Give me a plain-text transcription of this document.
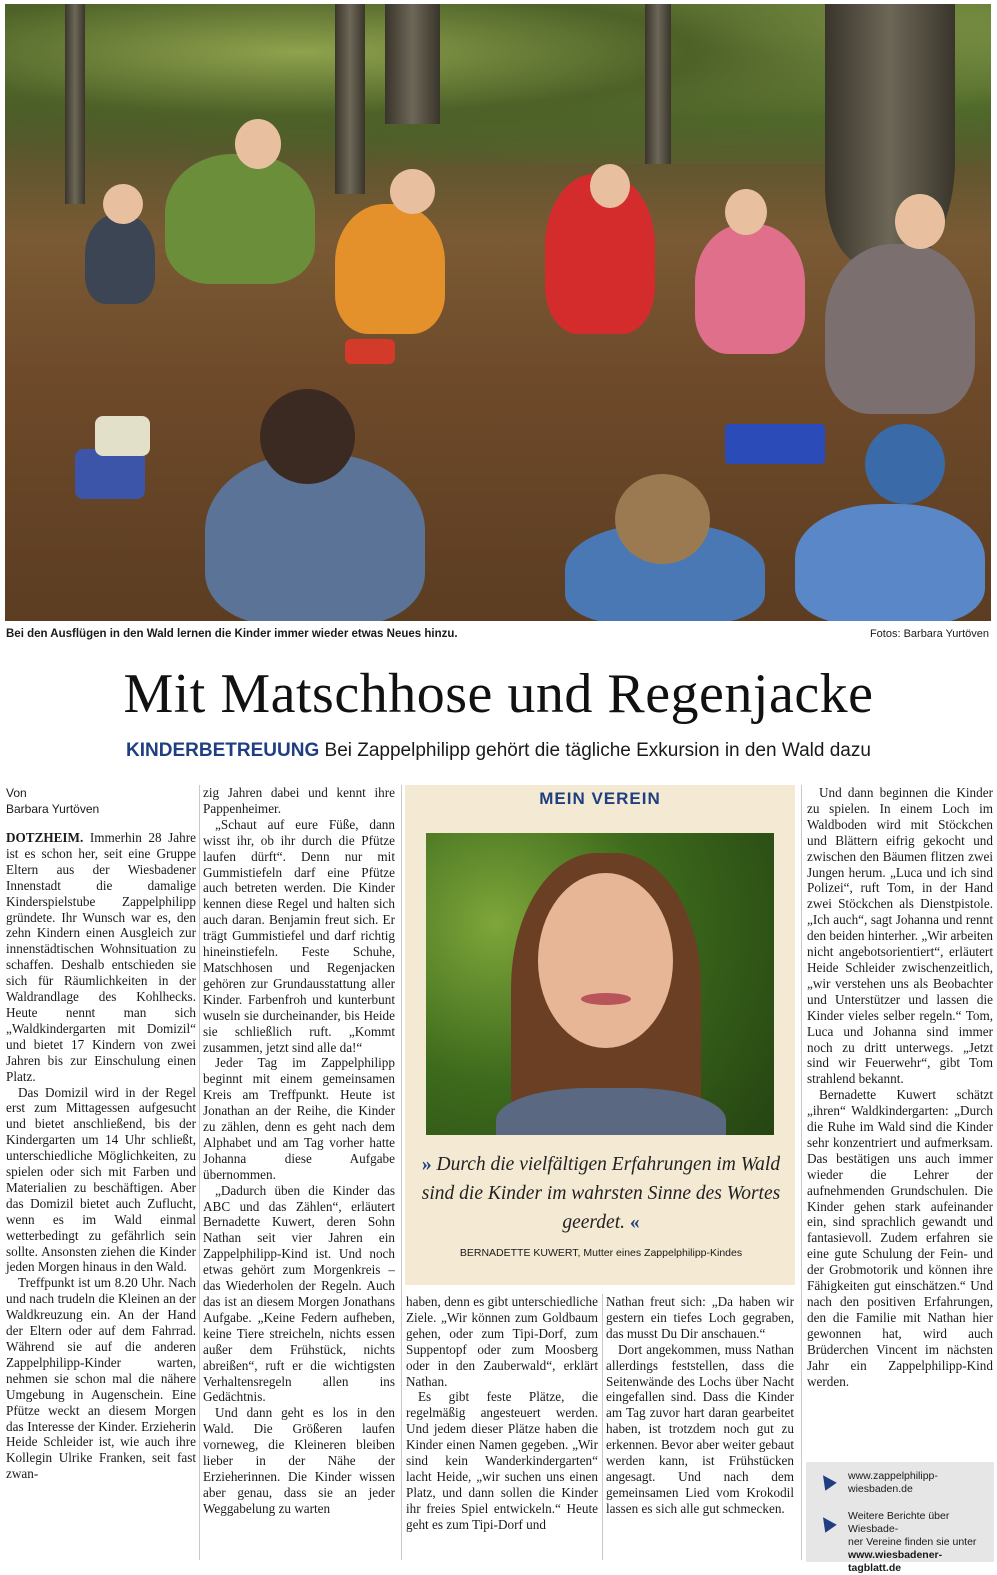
Bei den Ausflügen in den Wald lernen die Kinder immer wieder etwas Neues hinzu.	Fotos: Barbara Yurtöven
Mit Matschhose und Regenjacke
KINDERBETREUUNG Bei Zappelphilipp gehört die tägliche Exkursion in den Wald dazu
Von
Barbara Yurtöven

DOTZHEIM. Immerhin 28 Jahre ist es schon her, seit eine Gruppe Eltern aus der Wiesbadener Innenstadt die damalige Kinderspielstube Zappelphilipp gründete. Ihr Wunsch war es, den zehn Kindern einen Ausgleich zur innenstädtischen Wohnsituation zu schaffen. Deshalb entschieden sie sich für Räumlichkeiten in der Waldrandlage des Kohlhecks. Heute nennt man sich „Waldkindergarten mit Domizil“ und bietet 17 Kindern von zwei Jahren bis zur Einschulung einen Platz.

Das Domizil wird in der Regel erst zum Mittagessen aufgesucht und bietet anschließend, bis der Kindergarten um 14 Uhr schließt, unterschiedliche Möglichkeiten, zu spielen oder sich mit Farben und Materialien zu beschäftigen. Aber das Domizil bietet auch Zuflucht, wenn es im Wald einmal wetterbedingt zu gefährlich sein sollte. Ansonsten ziehen die Kinder jeden Morgen hinaus in den Wald.

Treffpunkt ist um 8.20 Uhr. Nach und nach trudeln die Kleinen an der Waldkreuzung ein. An der Hand der Eltern oder auf dem Fahrrad. Während sie auf die anderen Zappelphilipp-Kinder warten, nehmen sie schon mal die nähere Umgebung in Augenschein. Eine Pfütze weckt an diesem Morgen das Interesse der Kinder. Erzieherin Heide Schleider ist, wie auch ihre Kollegin Ulrike Franken, seit fast zwan-

zig Jahren dabei und kennt ihre Pappenheimer.

„Schaut auf eure Füße, dann wisst ihr, ob ihr durch die Pfütze laufen dürft“. Denn nur mit Gummistiefeln darf eine Pfütze auch betreten werden. Die Kinder kennen diese Regel und halten sich auch daran. Benjamin freut sich. Er trägt Gummistiefel und darf richtig hineinstiefeln. Feste Schuhe, Matschhosen und Regenjacken gehören zur Grundausstattung aller Kinder. Farbenfroh und kunterbunt wuseln sie durcheinander, bis Heide sie schließlich ruft. „Kommt zusammen, jetzt sind alle da!“

Jeder Tag im Zappelphilipp beginnt mit einem gemeinsamen Kreis am Treffpunkt. Heute ist Jonathan an der Reihe, die Kinder zu zählen, denn es geht nach dem Alphabet und am Tag vorher hatte Johanna diese Aufgabe übernommen.

„Dadurch üben die Kinder das ABC und das Zählen“, erläutert Bernadette Kuwert, deren Sohn Nathan seit vier Jahren ein Zappelphilipp-Kind ist. Und noch etwas gehört zum Morgenkreis – das Wiederholen der Regeln. Auch das ist an diesem Morgen Jonathans Aufgabe. „Keine Federn aufheben, keine Tiere streicheln, nichts essen außer dem Frühstück, nichts abreißen“, ruft er die wichtigsten Verhaltensregeln allen ins Gedächtnis.

Und dann geht es los in den Wald. Die Größeren laufen vorneweg, die Kleineren bleiben lieber in der Nähe der Erzieherinnen. Die Kinder wissen aber genau, dass sie an jeder Weggabelung zu warten

MEIN VEREIN
» Durch die vielfältigen Erfahrungen im Wald sind die Kinder im wahrsten Sinne des Wortes geerdet. «
BERNADETTE KUWERT, Mutter eines Zappelphilipp-Kindes

haben, denn es gibt unterschiedliche Ziele. „Wir können zum Goldbaum gehen, oder zum Tipi-Dorf, zum Suppentopf oder zum Moosberg oder in den Zauberwald“, erklärt Nathan.

Es gibt feste Plätze, die regelmäßig angesteuert werden. Und jedem dieser Plätze haben die Kinder einen Namen gegeben. „Wir sind kein Wanderkindergarten“ lacht Heide, „wir suchen uns einen Platz, und dann sollen die Kinder ihr freies Spiel entwickeln.“ Heute geht es zum Tipi-Dorf und

Nathan freut sich: „Da haben wir gestern ein tiefes Loch gegraben, das musst Du Dir anschauen.“

Dort angekommen, muss Nathan allerdings feststellen, dass die Seitenwände des Lochs über Nacht eingefallen sind. Dass die Kinder am Tag zuvor hart daran gearbeitet haben, ist trotzdem noch gut zu erkennen. Bevor aber weiter gebaut werden kann, ist Frühstücken angesagt. Und nach dem gemeinsamen Lied vom Krokodil lassen es sich alle gut schmecken.

Und dann beginnen die Kinder zu spielen. In einem Loch im Waldboden wird mit Stöckchen und Blättern eifrig gekocht und zwischen den Bäumen flitzen zwei Jungen herum. „Luca und ich sind Polizei“, ruft Tom, in der Hand zwei Stöckchen als Dienstpistole. „Ich auch“, sagt Johanna und rennt den beiden hinterher. „Wir arbeiten nicht angebotsorientiert“, erläutert Heide Schleider zwischenzeitlich, „wir verstehen uns als Beobachter und Unterstützer und lassen die Kinder vieles selber regeln.“ Tom, Luca und Johanna sind immer noch zu dritt unterwegs. „Jetzt sind wir Feuerwehr“, gibt Tom strahlend bekannt.

Bernadette Kuwert schätzt „ihren“ Waldkindergarten: „Durch die Ruhe im Wald sind die Kinder sehr konzentriert und aufmerksam. Das bestätigen uns auch immer wieder die Lehrer der aufnehmenden Grundschulen. Die Kinder gehen stark aufeinander ein, sind sprachlich gewandt und fantasievoll. Zudem erfahren sie eine gute Schulung der Fein- und der Grobmotorik und können ihre Fähigkeiten gut einschätzen.“ Und nach den positiven Erfahrungen, den die Familie mit Nathan hier gewonnen hat, wird auch Brüderchen Vincent im nächsten Jahr ein Zappelphilipp-Kind werden.

www.zappelphilipp-
wiesbaden.de
Weitere Berichte über Wiesbade-
ner Vereine finden sie unter
www.wiesbadener-tagblatt.de
